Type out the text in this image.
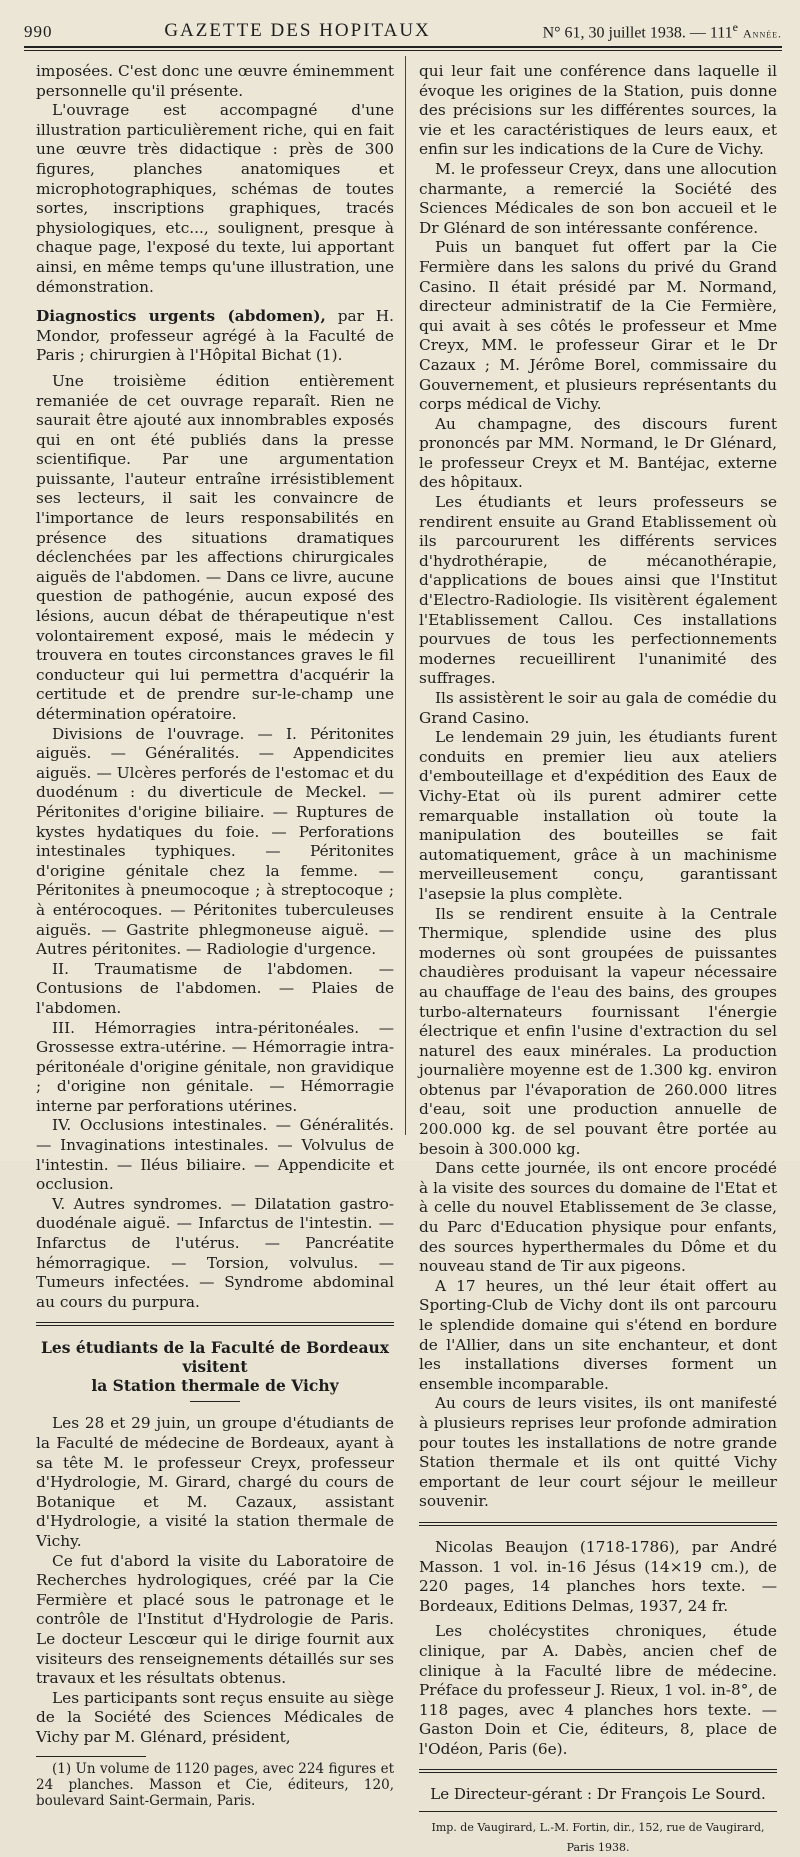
990	GAZETTE DES HOPITAUX	N° 61, 30 juillet 1938. — 111e Année.

imposées. C'est donc une œuvre éminemment personnelle qu'il présente.

L'ouvrage est accompagné d'une illustration particulièrement riche, qui en fait une œuvre très didactique : près de 300 figures, planches anatomiques et microphotographiques, schémas de toutes sortes, inscriptions graphiques, tracés physiologiques, etc..., soulignent, presque à chaque page, l'exposé du texte, lui apportant ainsi, en même temps qu'une illustration, une démonstration.

Diagnostics urgents (abdomen), par H. Mondor, professeur agrégé à la Faculté de Paris ; chirurgien à l'Hôpital Bichat (1).

Une troisième édition entièrement remaniée de cet ouvrage reparaît. Rien ne saurait être ajouté aux innombrables exposés qui en ont été publiés dans la presse scientifique. Par une argumentation puissante, l'auteur entraîne irrésistiblement ses lecteurs, il sait les convaincre de l'importance de leurs responsabilités en présence des situations dramatiques déclenchées par les affections chirurgicales aiguës de l'abdomen. — Dans ce livre, aucune question de pathogénie, aucun exposé des lésions, aucun débat de thérapeutique n'est volontairement exposé, mais le médecin y trouvera en toutes circonstances graves le fil conducteur qui lui permettra d'acquérir la certitude et de prendre sur-le-champ une détermination opératoire.

Divisions de l'ouvrage. — I. Péritonites aiguës. — Généralités. — Appendicites aiguës. — Ulcères perforés de l'estomac et du duodénum : du diverticule de Meckel. — Péritonites d'origine biliaire. — Ruptures de kystes hydatiques du foie. — Perforations intestinales typhiques. — Péritonites d'origine génitale chez la femme. — Péritonites à pneumocoque ; à streptocoque ; à entérocoques. — Péritonites tuberculeuses aiguës. — Gastrite phlegmoneuse aiguë. — Autres péritonites. — Radiologie d'urgence.

II. Traumatisme de l'abdomen. — Contusions de l'abdomen. — Plaies de l'abdomen.

III. Hémorragies intra-péritonéales. — Grossesse extra-utérine. — Hémorragie intra-péritonéale d'origine génitale, non gravidique ; d'origine non génitale. — Hémorragie interne par perforations utérines.

IV. Occlusions intestinales. — Généralités. — Invaginations intestinales. — Volvulus de l'intestin. — Iléus biliaire. — Appendicite et occlusion.

V. Autres syndromes. — Dilatation gastro-duodénale aiguë. — Infarctus de l'intestin. — Infarctus de l'utérus. — Pancréatite hémorragique. — Torsion, volvulus. — Tumeurs infectées. — Syndrome abdominal au cours du purpura.

Les étudiants de la Faculté de Bordeaux visitent
la Station thermale de Vichy

Les 28 et 29 juin, un groupe d'étudiants de la Faculté de médecine de Bordeaux, ayant à sa tête M. le professeur Creyx, professeur d'Hydrologie, M. Girard, chargé du cours de Botanique et M. Cazaux, assistant d'Hydrologie, a visité la station thermale de Vichy.

Ce fut d'abord la visite du Laboratoire de Recherches hydrologiques, créé par la Cie Fermière et placé sous le patronage et le contrôle de l'Institut d'Hydrologie de Paris. Le docteur Lescœur qui le dirige fournit aux visiteurs des renseignements détaillés sur ses travaux et les résultats obtenus.

Les participants sont reçus ensuite au siège de la Société des Sciences Médicales de Vichy par M. Glénard, président,

(1) Un volume de 1120 pages, avec 224 figures et 24 planches. Masson et Cie, éditeurs, 120, boulevard Saint-Germain, Paris.

qui leur fait une conférence dans laquelle il évoque les origines de la Station, puis donne des précisions sur les différentes sources, la vie et les caractéristiques de leurs eaux, et enfin sur les indications de la Cure de Vichy.

M. le professeur Creyx, dans une allocution charmante, a remercié la Société des Sciences Médicales de son bon accueil et le Dr Glénard de son intéressante conférence.

Puis un banquet fut offert par la Cie Fermière dans les salons du privé du Grand Casino. Il était présidé par M. Normand, directeur administratif de la Cie Fermière, qui avait à ses côtés le professeur et Mme Creyx, MM. le professeur Girar et le Dr Cazaux ; M. Jérôme Borel, commissaire du Gouvernement, et plusieurs représentants du corps médical de Vichy.

Au champagne, des discours furent prononcés par MM. Normand, le Dr Glénard, le professeur Creyx et M. Bantéjac, externe des hôpitaux.

Les étudiants et leurs professeurs se rendirent ensuite au Grand Etablissement où ils parcoururent les différents services d'hydrothérapie, de mécanothérapie, d'applications de boues ainsi que l'Institut d'Electro-Radiologie. Ils visitèrent également l'Etablissement Callou. Ces installations pourvues de tous les perfectionnements modernes recueillirent l'unanimité des suffrages.

Ils assistèrent le soir au gala de comédie du Grand Casino.

Le lendemain 29 juin, les étudiants furent conduits en premier lieu aux ateliers d'embouteillage et d'expédition des Eaux de Vichy-Etat où ils purent admirer cette remarquable installation où toute la manipulation des bouteilles se fait automatiquement, grâce à un machinisme merveilleusement conçu, garantissant l'asepsie la plus complète.

Ils se rendirent ensuite à la Centrale Thermique, splendide usine des plus modernes où sont groupées de puissantes chaudières produisant la vapeur nécessaire au chauffage de l'eau des bains, des groupes turbo-alternateurs fournissant l'énergie électrique et enfin l'usine d'extraction du sel naturel des eaux minérales. La production journalière moyenne est de 1.300 kg. environ obtenus par l'évaporation de 260.000 litres d'eau, soit une production annuelle de 200.000 kg. de sel pouvant être portée au besoin à 300.000 kg.

Dans cette journée, ils ont encore procédé à la visite des sources du domaine de l'Etat et à celle du nouvel Etablissement de 3e classe, du Parc d'Education physique pour enfants, des sources hyperthermales du Dôme et du nouveau stand de Tir aux pigeons.

A 17 heures, un thé leur était offert au Sporting-Club de Vichy dont ils ont parcouru le splendide domaine qui s'étend en bordure de l'Allier, dans un site enchanteur, et dont les installations diverses forment un ensemble incomparable.

Au cours de leurs visites, ils ont manifesté à plusieurs reprises leur profonde admiration pour toutes les installations de notre grande Station thermale et ils ont quitté Vichy emportant de leur court séjour le meilleur souvenir.

Nicolas Beaujon (1718-1786), par André Masson. 1 vol. in-16 Jésus (14×19 cm.), de 220 pages, 14 planches hors texte. — Bordeaux, Editions Delmas, 1937, 24 fr.

Les cholécystites chroniques, étude clinique, par A. Dabès, ancien chef de clinique à la Faculté libre de médecine. Préface du professeur J. Rieux, 1 vol. in-8°, de 118 pages, avec 4 planches hors texte. — Gaston Doin et Cie, éditeurs, 8, place de l'Odéon, Paris (6e).

Le Directeur-gérant : Dr François Le Sourd.
Imp. de Vaugirard, L.-M. Fortin, dir., 152, rue de Vaugirard, Paris 1938.
